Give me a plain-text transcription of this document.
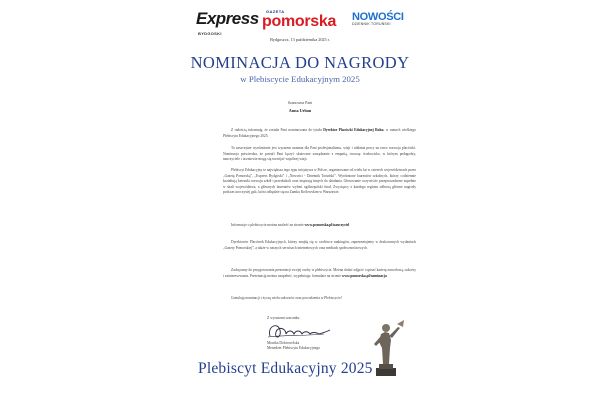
Express
BYDGOSKI
GAZETA
pomorska NOWOŚCI
DZIENNIK TORUŃSKI
Bydgoszcz, 13 października 2025 r.
NOMINACJA DO NAGRODY
w Plebiscycie Edukacyjnym 2025
Szanowna Pani
Anna Urban
Z radością informuję, że została Pani nominowana do tytułu Dyrektor Placówki Edukacyjnej Roku, w ramach wielkiego Plebiscytu Edukacyjnego 2025.
To zaszczytne wyróżnienie jest wyrazem uznania dla Pani profesjonalizmu, wizji i oddania pracy na rzecz rozwoju placówki. Nominacja potwierdza, że potrafi Pani łączyć skuteczne zarządzanie z empatią, tworząc środowisko, w którym pedagodzy, nauczyciele i uczniowie mogą się rozwijać wspólnej wizji.
Plebiscyt Edukacyjny to największa tego typu inicjatywa w Polsce, organizowane od wielu lat w czterech województwach przez „Gazetę Pomorską”, „Express Bydgoski” i „Nowości - Dziennik Toruński”. Wyróżnione laureatów szkolnych, którzy codziennie kształtują kierunki rozwoju szkół i przedszkoli oraz inspirują innych do działania. Głosowanie oczywiście przeprowadzone zupełnie w skali województwa, a głównych laureatów wyłoni ogólnopolski finał. Zwycięzcy z każdego regionu odbiorą główne nagrody podczas uroczystej gali, która odbędzie się na Zamku Królewskim w Warszawie.
Informacje o plebiscycie można znaleźć na stronie www.pomorska.pl/nauczyciel
Dyrektorów Placówek Edukacyjnych, którzy znajdą się w czołówce rankingów, zaprezentujemy w drukowanych wydaniach „Gazety Pomorskiej”, a także w naszych serwisach internetowych oraz mediach społecznościowych.
Zachęcamy do przygotowania prezentacji swojej osoby w plebiscycie. Można dodać zdjęcie i opisać karierę zawodową, sukcesy i zainteresowania. Prezentację można uzupełnić, wypełniając formularz na stronie www.pomorska.pl/nominacja
Gratuluję nominacji i życzę wielu sukcesów oraz powodzenia w Plebiscycie!
Z wyrazami szacunku
Monika Dobrowolska
Menedżer Plebiscytu Edukacyjnego
Plebiscyt Edukacyjny 2025
